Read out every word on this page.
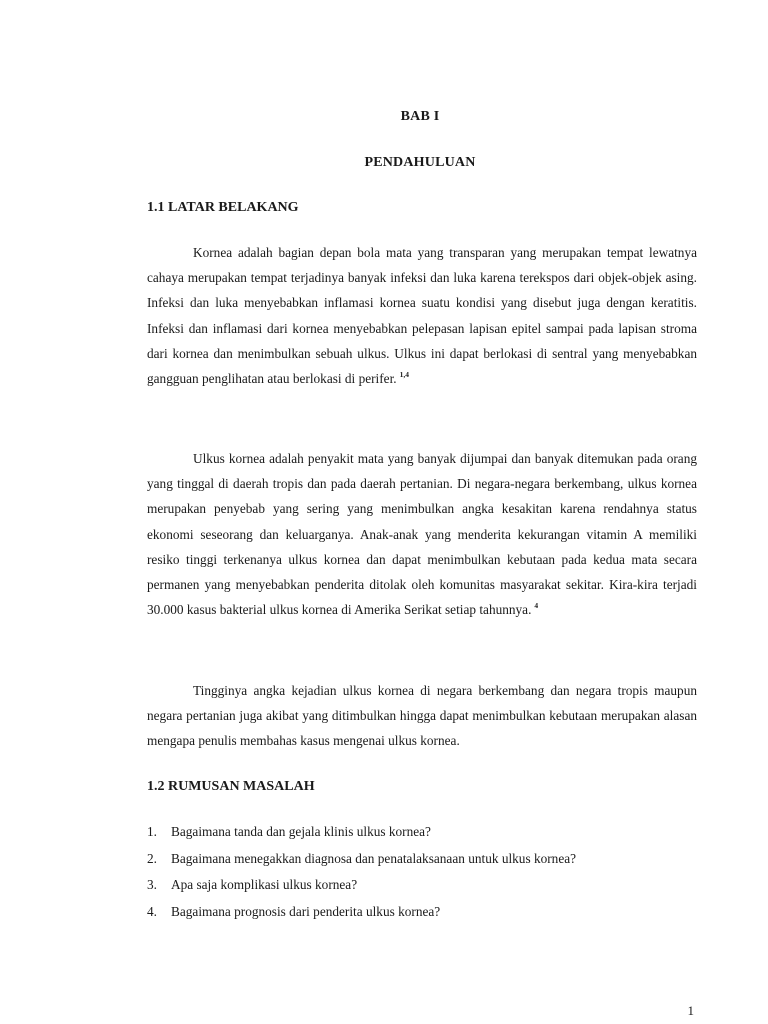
BAB I
PENDAHULUAN
1.1 LATAR BELAKANG

Kornea adalah bagian depan bola mata yang transparan yang merupakan tempat lewatnya cahaya merupakan tempat terjadinya banyak infeksi dan luka karena terekspos dari objek-objek asing. Infeksi dan luka menyebabkan inflamasi kornea suatu kondisi yang disebut juga dengan keratitis. Infeksi dan inflamasi dari kornea menyebabkan pelepasan lapisan epitel sampai pada lapisan stroma dari kornea dan menimbulkan sebuah ulkus. Ulkus ini dapat berlokasi di sentral yang menyebabkan gangguan penglihatan atau berlokasi di perifer. $^{1,4}$

Ulkus kornea adalah penyakit mata yang banyak dijumpai dan banyak ditemukan pada orang yang tinggal di daerah tropis dan pada daerah pertanian. Di negara-negara berkembang, ulkus kornea merupakan penyebab yang sering yang menimbulkan angka kesakitan karena rendahnya status ekonomi seseorang dan keluarganya. Anak-anak yang menderita kekurangan vitamin A memiliki resiko tinggi terkenanya ulkus kornea dan dapat menimbulkan kebutaan pada kedua mata secara permanen yang menyebabkan penderita ditolak oleh komunitas masyarakat sekitar. Kira-kira terjadi 30.000 kasus bakterial ulkus kornea di Amerika Serikat setiap tahunnya. $^4$

Tingginya angka kejadian ulkus kornea di negara berkembang dan negara tropis maupun negara pertanian juga akibat yang ditimbulkan hingga dapat menimbulkan kebutaan merupakan alasan mengapa penulis membahas kasus mengenai ulkus kornea.

1.2 RUMUSAN MASALAH
1. Bagaimana tanda dan gejala klinis ulkus kornea?
2. Bagaimana menegakkan diagnosa dan penatalaksanaan untuk ulkus kornea?
3. Apa saja komplikasi ulkus kornea?
4. Bagaimana prognosis dari penderita ulkus kornea?
1
